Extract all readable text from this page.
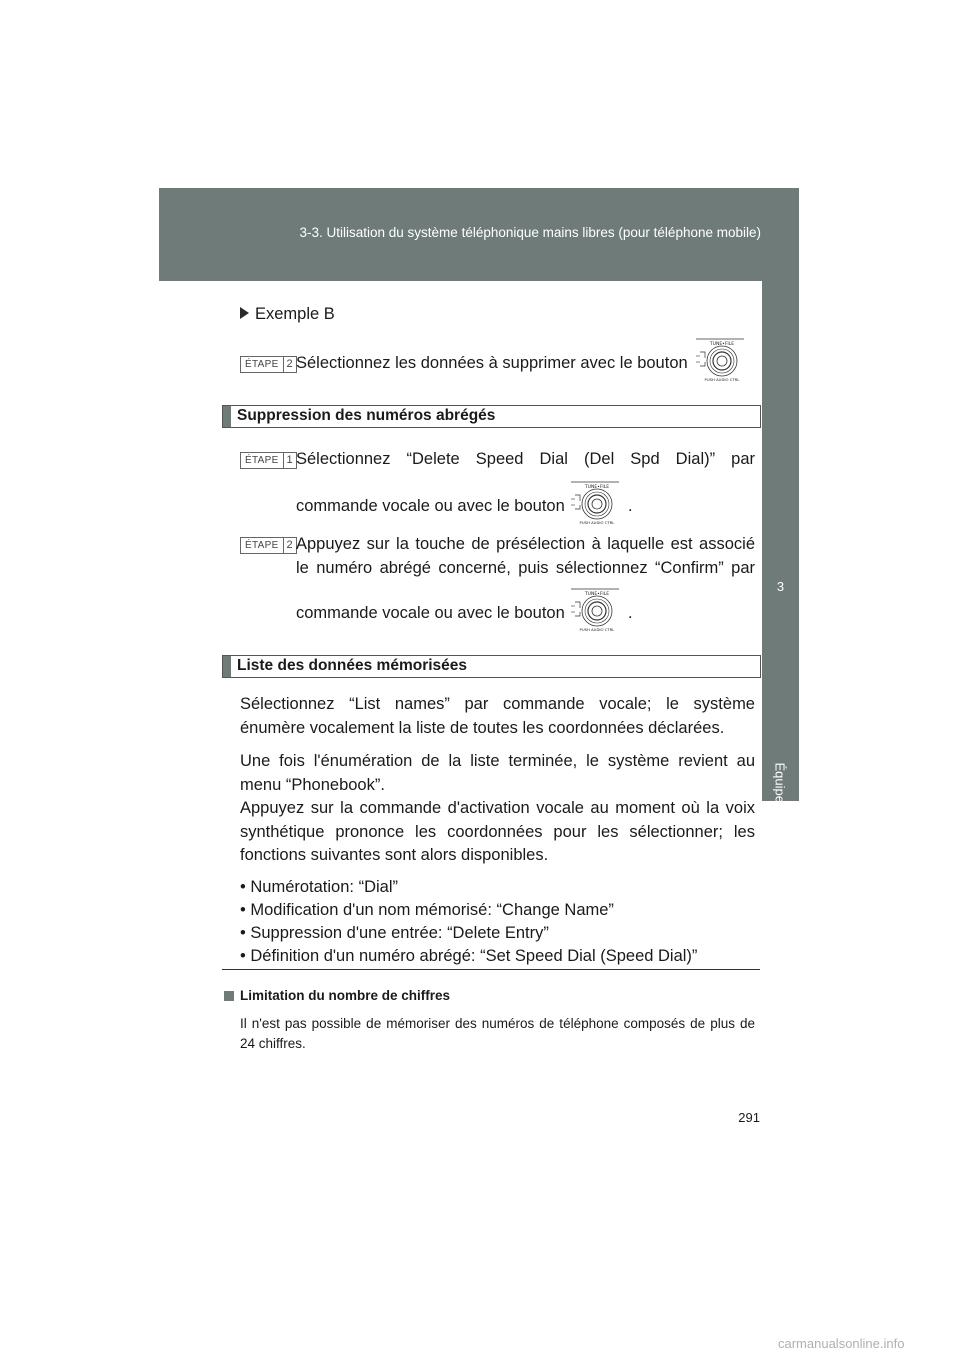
3-3. Utilisation du système téléphonique mains libres (pour téléphone mobile)
3
Équipements intérieurs
Exemple B
ÉTAPE 2 Sélectionnez les données à supprimer avec le bouton
TUNE•FILE
PUSH AUDIO CTRL
Suppression des numéros abrégés
ÉTAPE 1 Sélectionnez “Delete Speed Dial (Del Spd Dial)” par
commande vocale ou avec le bouton
TUNE•FILE
PUSH AUDIO CTRL
.
ÉTAPE 2 Appuyez sur la touche de présélection à laquelle est associé
le numéro abrégé concerné, puis sélectionnez “Confirm” par
commande vocale ou avec le bouton
TUNE•FILE
PUSH AUDIO CTRL
.
Liste des données mémorisées
Sélectionnez “List names” par commande vocale; le système
énumère vocalement la liste de toutes les coordonnées déclarées.
Une fois l'énumération de la liste terminée, le système revient au
menu “Phonebook”.
Appuyez sur la commande d'activation vocale au moment où la voix
synthétique prononce les coordonnées pour les sélectionner; les
fonctions suivantes sont alors disponibles.
• Numérotation: “Dial”
• Modification d'un nom mémorisé: “Change Name”
• Suppression d'une entrée: “Delete Entry”
• Définition d'un numéro abrégé: “Set Speed Dial (Speed Dial)”
Limitation du nombre de chiffres
Il n'est pas possible de mémoriser des numéros de téléphone composés de plus de 24 chiffres.
291
carmanualsonline.info
